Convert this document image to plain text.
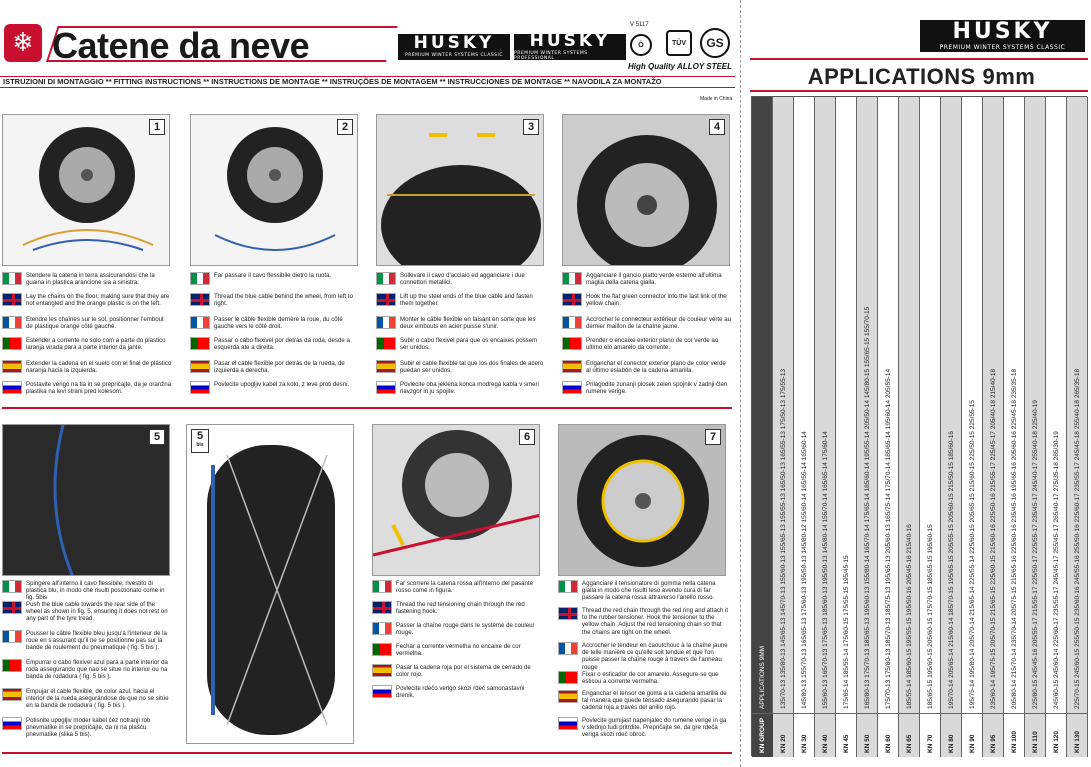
❄ Catene da neve	HUSKY
PREMIUM WINTER SYSTEMS CLASSIC
HUSKY
PREMIUM WINTER SYSTEMS PROFESSIONAL
V 5117
Ö	TÜV	GS
High Quality ALLOY STEEL
ISTRUZIONI DI MONTAGGIO ** FITTING INSTRUCTIONS ** INSTRUCTIONS DE MONTAGE ** INSTRUÇÕES DE MONTAGEM ** INSTRUCCIONES DE MONTAGE ** NAVODILA ZA MONTAŽO
Made in China
1	2	3	4
Stendere la catena in terra assicurandosi che la guaina in plastica arancione sia a sinistra.
Lay the chains on the floor, making sure that they are not entangled and the orange plastic is on the left.
Etendre les chaînes sur le sol, positionner l'embout de plastique orange côté gauche.
Estender a corrente no solo com a parte do plastico laranja virada para a parte interior da jante.
Extender la cadena en el suelo con el final de plástico naranja hacia la izquierda.
Postavite verigo na tla in se prepričajte, da je oranžna plastika na levi strani pred kolesom.
Far passare il cavo flessibile dietro la ruota.
Thread the blue cable behind the wheel, from left to right.
Passer le câble flexible derrière la roue, du côté gauche vers le côté droit.
Passar o cabo flexivel por detrás da roda, desde a esquerda ate a direita.
Pasar el cable flexible por detrás de la rueda, de izquierda a derecha.
Povlecite upogljiv kabel za kolo, z leve proti desni.
Sollevare il cavo d'acciaio ed agganciare i due connettori metallici.
Lift up the steel ends of the blue cable and fasten them together.
Monter le câble flexible en faisant en sorte que les deux embouts en acier puisse s'unir.
Subir o cabo flexivel para que os encaixes possem ser unidos.
Subir el cable flexible tal que los dos finales de acero puedan ser unidos.
Povlecite oba jeklena konca modrega kabla v smeri navzgor in ju spojite.
Agganciare il gancio piatto verde esterno all'ultima maglia della catena gialla.
Hook the flat green connector into the last link of the yellow chain.
Accrocher le connecteur extérieur de couleur verte au dernier maillon de la chaîne jaune.
Prender o encaixe exterior plano de cor verde ao ultimo elo amarelo da corrente.
Enganchar el conector exterior plano de color verde al último eslabón de la cadena amarilla.
Prilagodite zunanji plosek zelen spojnik v zadnji člen rumene verige.
5	5

bis
6	7
Spingere all'interno il cavo flessibile, rivestito di plastica blu, in modo che risulti posizionato come in fig. 5bis
Push the blue cable towards the rear side of the wheel as shown in fig. 5, ensuring it does not rest on any part of the tyre tread.
Pousser le câble flexible bleu jusqu'à l'interieur de la roue en s'assurant qu'il ne se positionne pas sur la bande de roulement du pneumatique ( fig. 5 bis ).
Empurrar o cabo flexivel azul para a parte interior da roda assegurando que nao se situe no interior ou na banda de rodadura ( fig. 5 bis ).
Empujar el cable flexible, de color azul, hacia el interior de la rueda asegurándose de que no se sitúe en la banda de rodadura ( fig. 5 bis ).
Potisnite upogljiv moder kabel čez notranji rob pnevmatike in se prepričajte, da ni na plašču pnevmatike (slika 5 bis).
Far scorrere la catena rossa all'interno del pasante rosso come in figura.
Thread the red tensioning chain through the red fastening hook.
Passer la chaîne rouge dans le système de couleur rouge.
Fechar a corrente vermelha no encaixe de cor vermelha.
Pasar la cadena roja por el sistema de cerrado de color rojo.
Povlecite rdečo verigo skozi rdeč samonastavni drenik.
Agganciare il tensionatore di gomma nella catena gialla in modo che risulti teso avendo cura di far passare la catena rossa attraverso l'anello rosso.
Thread the red chain through the red ring and attach it to the rubber tensioner. Hook the tensioner to the yellow chain. Adjust the red tensioning chain so that the chains are tight on the wheel.
Accrocher le tendeur en caoutchouc à la chaîne jaune de telle manière ce qu'elle soit tendue et que l'on puisse passer la chaîne rouge à travers de l'anneau rouge
Fixar o esticador de cor amarelo. Assegure-se que esticou a corrente vermelha.
Enganchar el tensor de goma a la cadena amarilla de tal manera que quede tensado asegurando pasar la cadena roja a través del anillo rojo.
Povlecite gumijast napenjalec do rumene verige in ga v slednjo tudi pritrdite. Prepričajte se, da gre rdeča veriga skozi rdeč obroč.
HUSKY
PREMIUM WINTER SYSTEMS CLASSIC
APPLICATIONS 9mm
KN GROUP
APPLICATIONS 9MM
KN 20
135/70-13 135/80-13 145/65-13 145/70-13 155/60-13 155/65-13 155/55-13 165/50-13 165/55-13 175/50-13 175/55-13
KN 30
145/80-13 155/70-13 165/65-13 175/60-13 195/50-13 145/80-12 155/60-14 165/55-14 165/60-14
KN 40
155/60-13 165/70-13 175/65-13 185/60-13 195/50-13 145/80-14 155/70-14 165/65-14 175/60-14
KN 45
175/65-14 185/55-14 175/60-15 175/55-15 195/45-15
KN 50
165/80-13 175/70-13 185/65-13 195/60-13 155/80-14 165/70-14 175/65-14 185/60-14 195/55-14 205/50-14 145/80-15 155/65-15 155/70-15
KN 60
175/70-13 175/80-13 185/70-13 185/75-13 195/65-13 205/60-13 165/75-14 175/70-14 185/65-14 195/60-14 205/55-14
KN 65
185/55-14 185/60-15 195/55-15 195/50-16 205/45-16 215/40-16
KN 70
185/65-15 195/60-15 205/60-15 175/70-15 185/65-15 195/60-15
KN 80
195/70-14 205/65-14 215/60-14 185/70-15 195/65-15 205/55-15 205/60-15 215/50-15 185/60-16
KN 90
195/75-14 195/80-14 205/70-14 215/65-14 225/55-14 225/60-15 205/65-15 215/60-15 225/50-15 225/55-15
KN 95
235/60-14 195/75-15 205/70-15 215/65-15 225/60-15 215/60-16 225/50-16 215/55-17 225/45-17 205/40-18 215/40-18
KN 100
205/80-14 215/70-14 235/70-14 205/75-15 215/65-16 225/60-16 235/45-16 195/65-16 205/60-16 225/45-18 235/35-18
KN 110
225/80-15 245/45-16 205/55-17 215/55-17 225/50-17 225/55-17 235/45-17 245/40-17 255/40-18 225/40-19
KN 120
245/60-15 245/60-14 225/60-17 235/55-17 245/45-17 255/45-17 265/40-17 275/35-18 285/30-19
KN 130
225/70-15 245/60-15 255/50-15 235/60-16 245/55-16 255/50-16 225/60-17 235/55-17 245/45-18 255/40-18 265/35-18
